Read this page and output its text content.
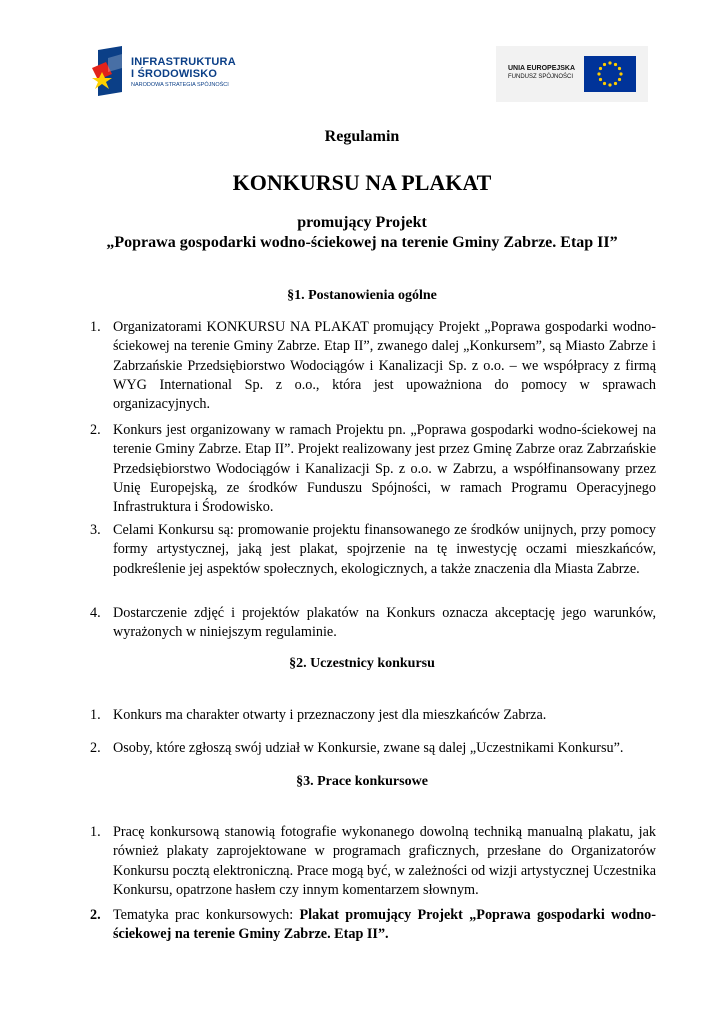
INFRASTRUKTURA
I ŚRODOWISKO
NARODOWA STRATEGIA SPÓJNOŚCI
UNIA EUROPEJSKA
FUNDUSZ SPÓJNOŚCI
Regulamin
KONKURSU NA PLAKAT
promujący Projekt
„Poprawa gospodarki wodno-ściekowej na terenie Gminy Zabrze. Etap II”
§1. Postanowienia ogólne
1. Organizatorami KONKURSU NA PLAKAT promujący Projekt „Poprawa gospodarki wodno-ściekowej na terenie Gminy Zabrze. Etap II”, zwanego dalej „Konkursem”, są Miasto Zabrze i Zabrzańskie Przedsiębiorstwo Wodociągów i Kanalizacji Sp. z o.o. – we współpracy z firmą WYG International Sp. z o.o., która jest upoważniona do pomocy w sprawach organizacyjnych.
2. Konkurs jest organizowany w ramach Projektu pn. „Poprawa gospodarki wodno-ściekowej na terenie Gminy Zabrze. Etap II”. Projekt realizowany jest przez Gminę Zabrze oraz Zabrzańskie Przedsiębiorstwo Wodociągów i Kanalizacji Sp. z o.o. w Zabrzu, a współfinansowany przez Unię Europejską, ze środków Funduszu Spójności, w ramach Programu Operacyjnego Infrastruktura i Środowisko.
3. Celami Konkursu są: promowanie projektu finansowanego ze środków unijnych, przy pomocy formy artystycznej, jaką jest plakat, spojrzenie na tę inwestycję oczami mieszkańców, podkreślenie jej aspektów społecznych, ekologicznych, a także znaczenia dla Miasta Zabrze.
4. Dostarczenie zdjęć i projektów plakatów na Konkurs oznacza akceptację jego warunków, wyrażonych w niniejszym regulaminie.
§2. Uczestnicy konkursu
1. Konkurs ma charakter otwarty i przeznaczony jest dla mieszkańców Zabrza.
2. Osoby, które zgłoszą swój udział w Konkursie, zwane są dalej „Uczestnikami Konkursu”.
§3. Prace konkursowe
1. Pracę konkursową stanowią fotografie wykonanego dowolną techniką manualną plakatu, jak również plakaty zaprojektowane w programach graficznych, przesłane do Organizatorów Konkursu pocztą elektroniczną. Prace mogą być, w zależności od wizji artystycznej Uczestnika Konkursu, opatrzone hasłem czy innym komentarzem słownym.
2. Tematyka prac konkursowych: Plakat promujący Projekt „Poprawa gospodarki wodno-ściekowej na terenie Gminy Zabrze. Etap II”.
